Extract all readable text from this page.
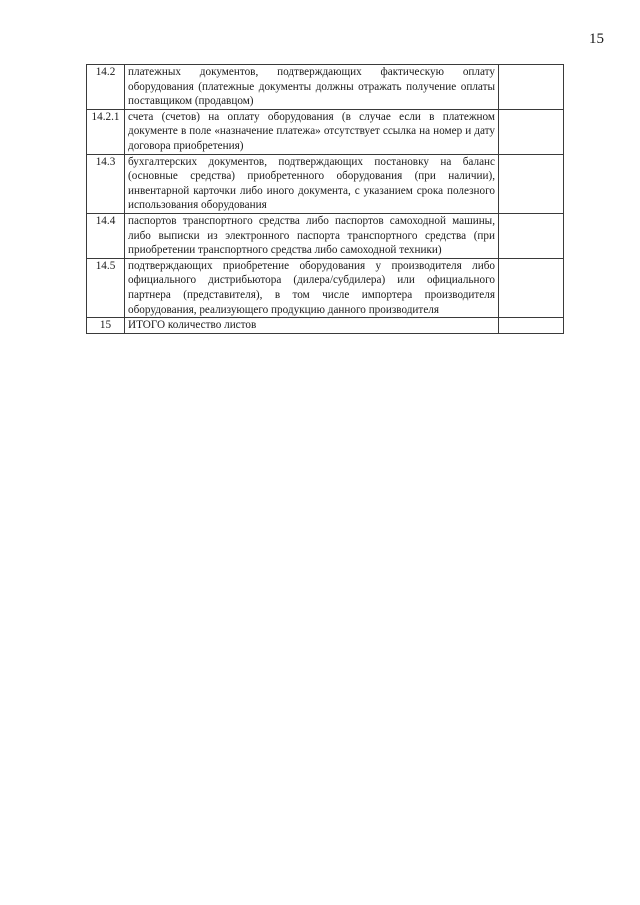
15
14.2	платежных документов, подтверждающих фактическую оплату оборудования (платежные документы должны отражать получение оплаты поставщиком (продавцом)	
14.2.1	счета (счетов) на оплату оборудования (в случае если в платежном документе в поле «назначение платежа» отсутствует ссылка на номер и дату договора приобретения)	
14.3	бухгалтерских документов, подтверждающих постановку на баланс (основные средства) приобретенного оборудования (при наличии), инвентарной карточки либо иного документа, с указанием срока полезного использования оборудования	
14.4	паспортов транспортного средства либо паспортов самоходной машины, либо выписки из электронного паспорта транспортного средства (при приобретении транспортного средства либо самоходной техники)	
14.5	подтверждающих приобретение оборудования у производителя либо официального дистрибьютора (дилера/субдилера) или официального партнера (представителя), в том числе импортера производителя оборудования, реализующего продукцию данного производителя	
15	ИТОГО количество листов	
